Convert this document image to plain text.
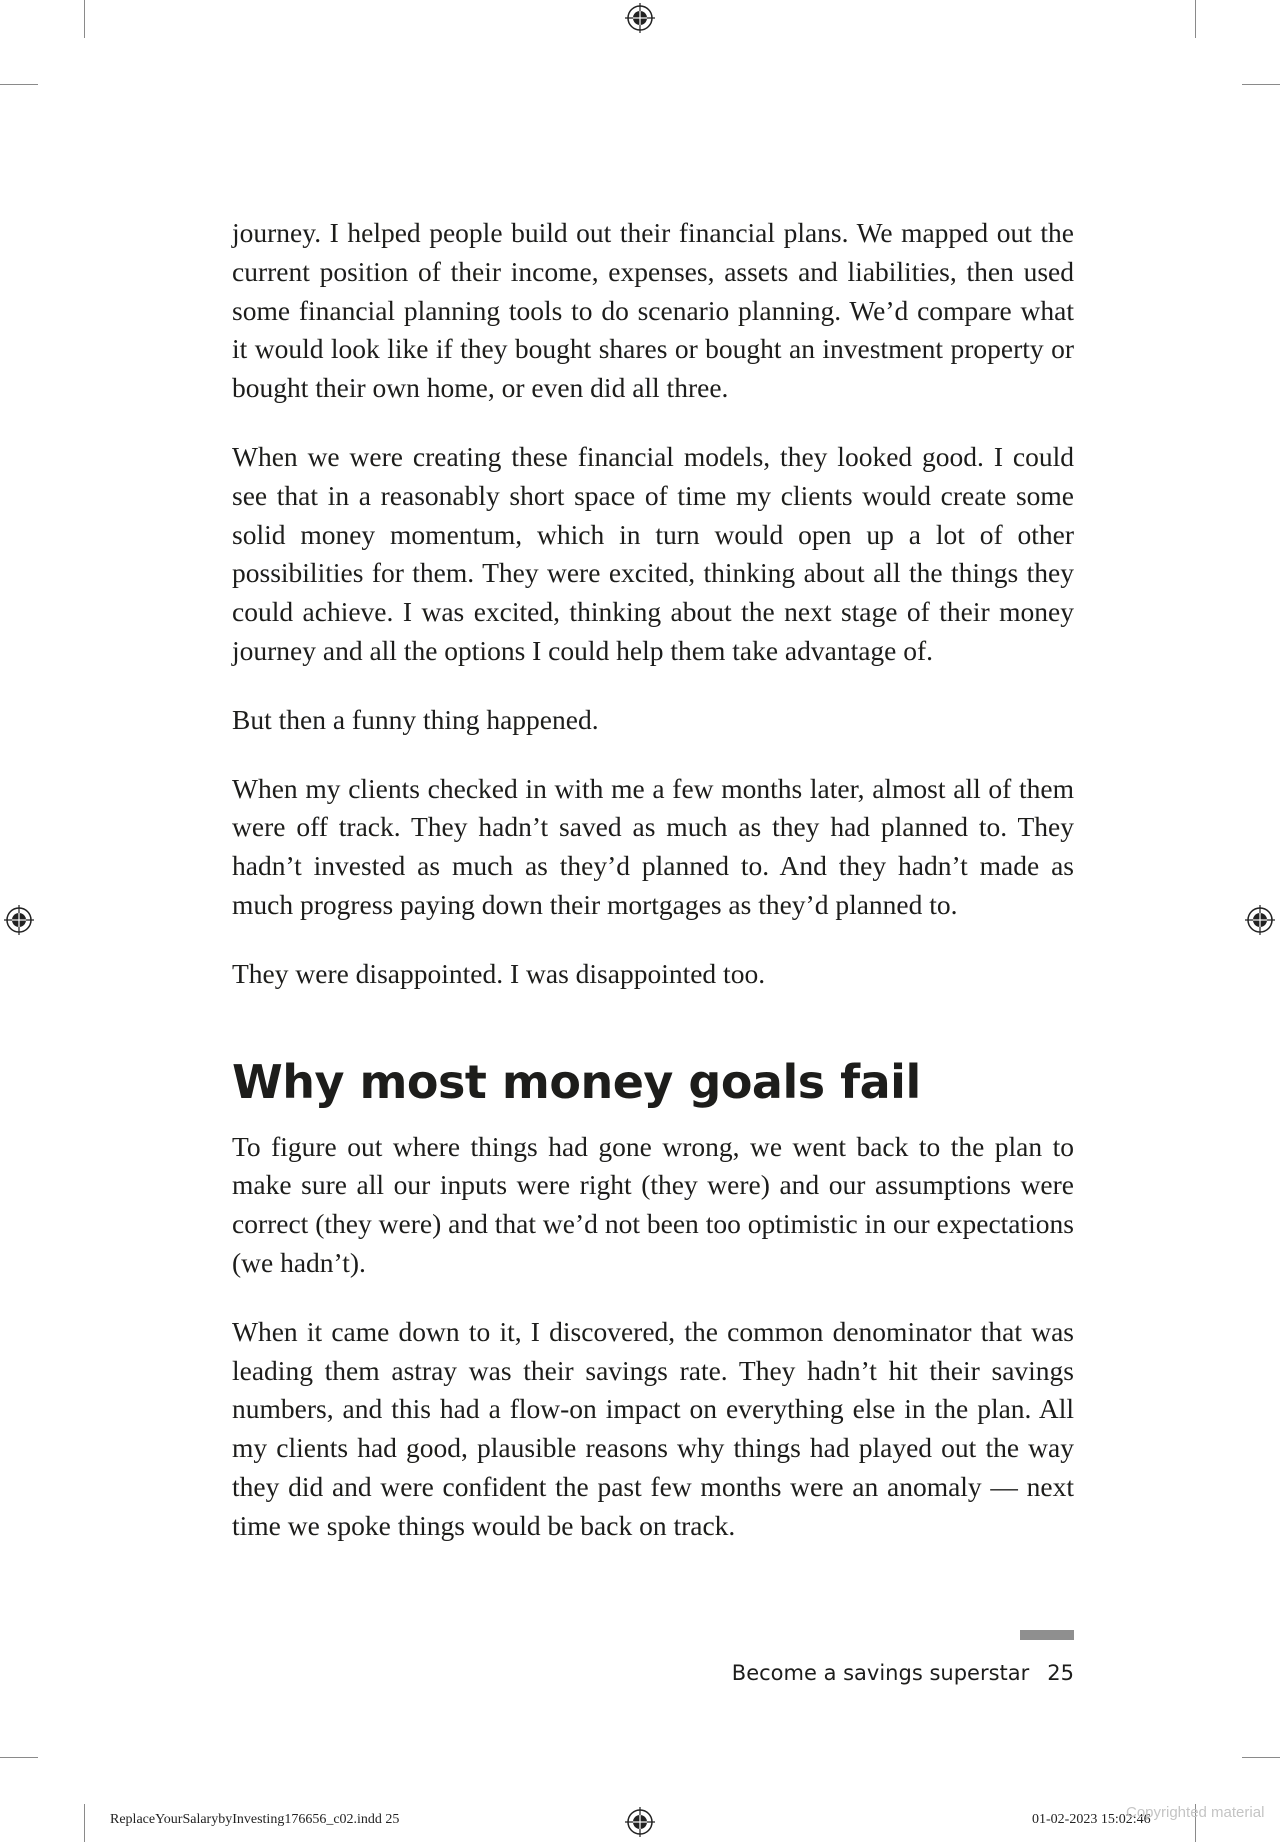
journey. I helped people build out their financial plans. We mapped out the current position of their income, expenses, assets and liabilities, then used some financial planning tools to do scenario planning. We’d compare what it would look like if they bought shares or bought an investment property or bought their own home, or even did all three.

When we were creating these financial models, they looked good. I could see that in a reasonably short space of time my clients would create some solid money momentum, which in turn would open up a lot of other possibilities for them. They were excited, thinking about all the things they could achieve. I was excited, thinking about the next stage of their money journey and all the options I could help them take advantage of.

But then a funny thing happened.

When my clients checked in with me a few months later, almost all of them were off track. They hadn’t saved as much as they had planned to. They hadn’t invested as much as they’d planned to. And they hadn’t made as much progress paying down their mortgages as they’d planned to.

They were disappointed. I was disappointed too.

Why most money goals fail

To figure out where things had gone wrong, we went back to the plan to make sure all our inputs were right (they were) and our assumptions were correct (they were) and that we’d not been too optimistic in our expectations (we hadn’t).

When it came down to it, I discovered, the common denominator that was leading them astray was their savings rate. They hadn’t hit their savings numbers, and this had a flow-on impact on everything else in the plan. All my clients had good, plausible reasons why things had played out the way they did and were confident the past few months were an anomaly — next time we spoke things would be back on track.

Become a savings superstar 25
ReplaceYourSalarybyInvesting176656_c02.indd 25	01-02-2023 15:02:46
Copyrighted material
